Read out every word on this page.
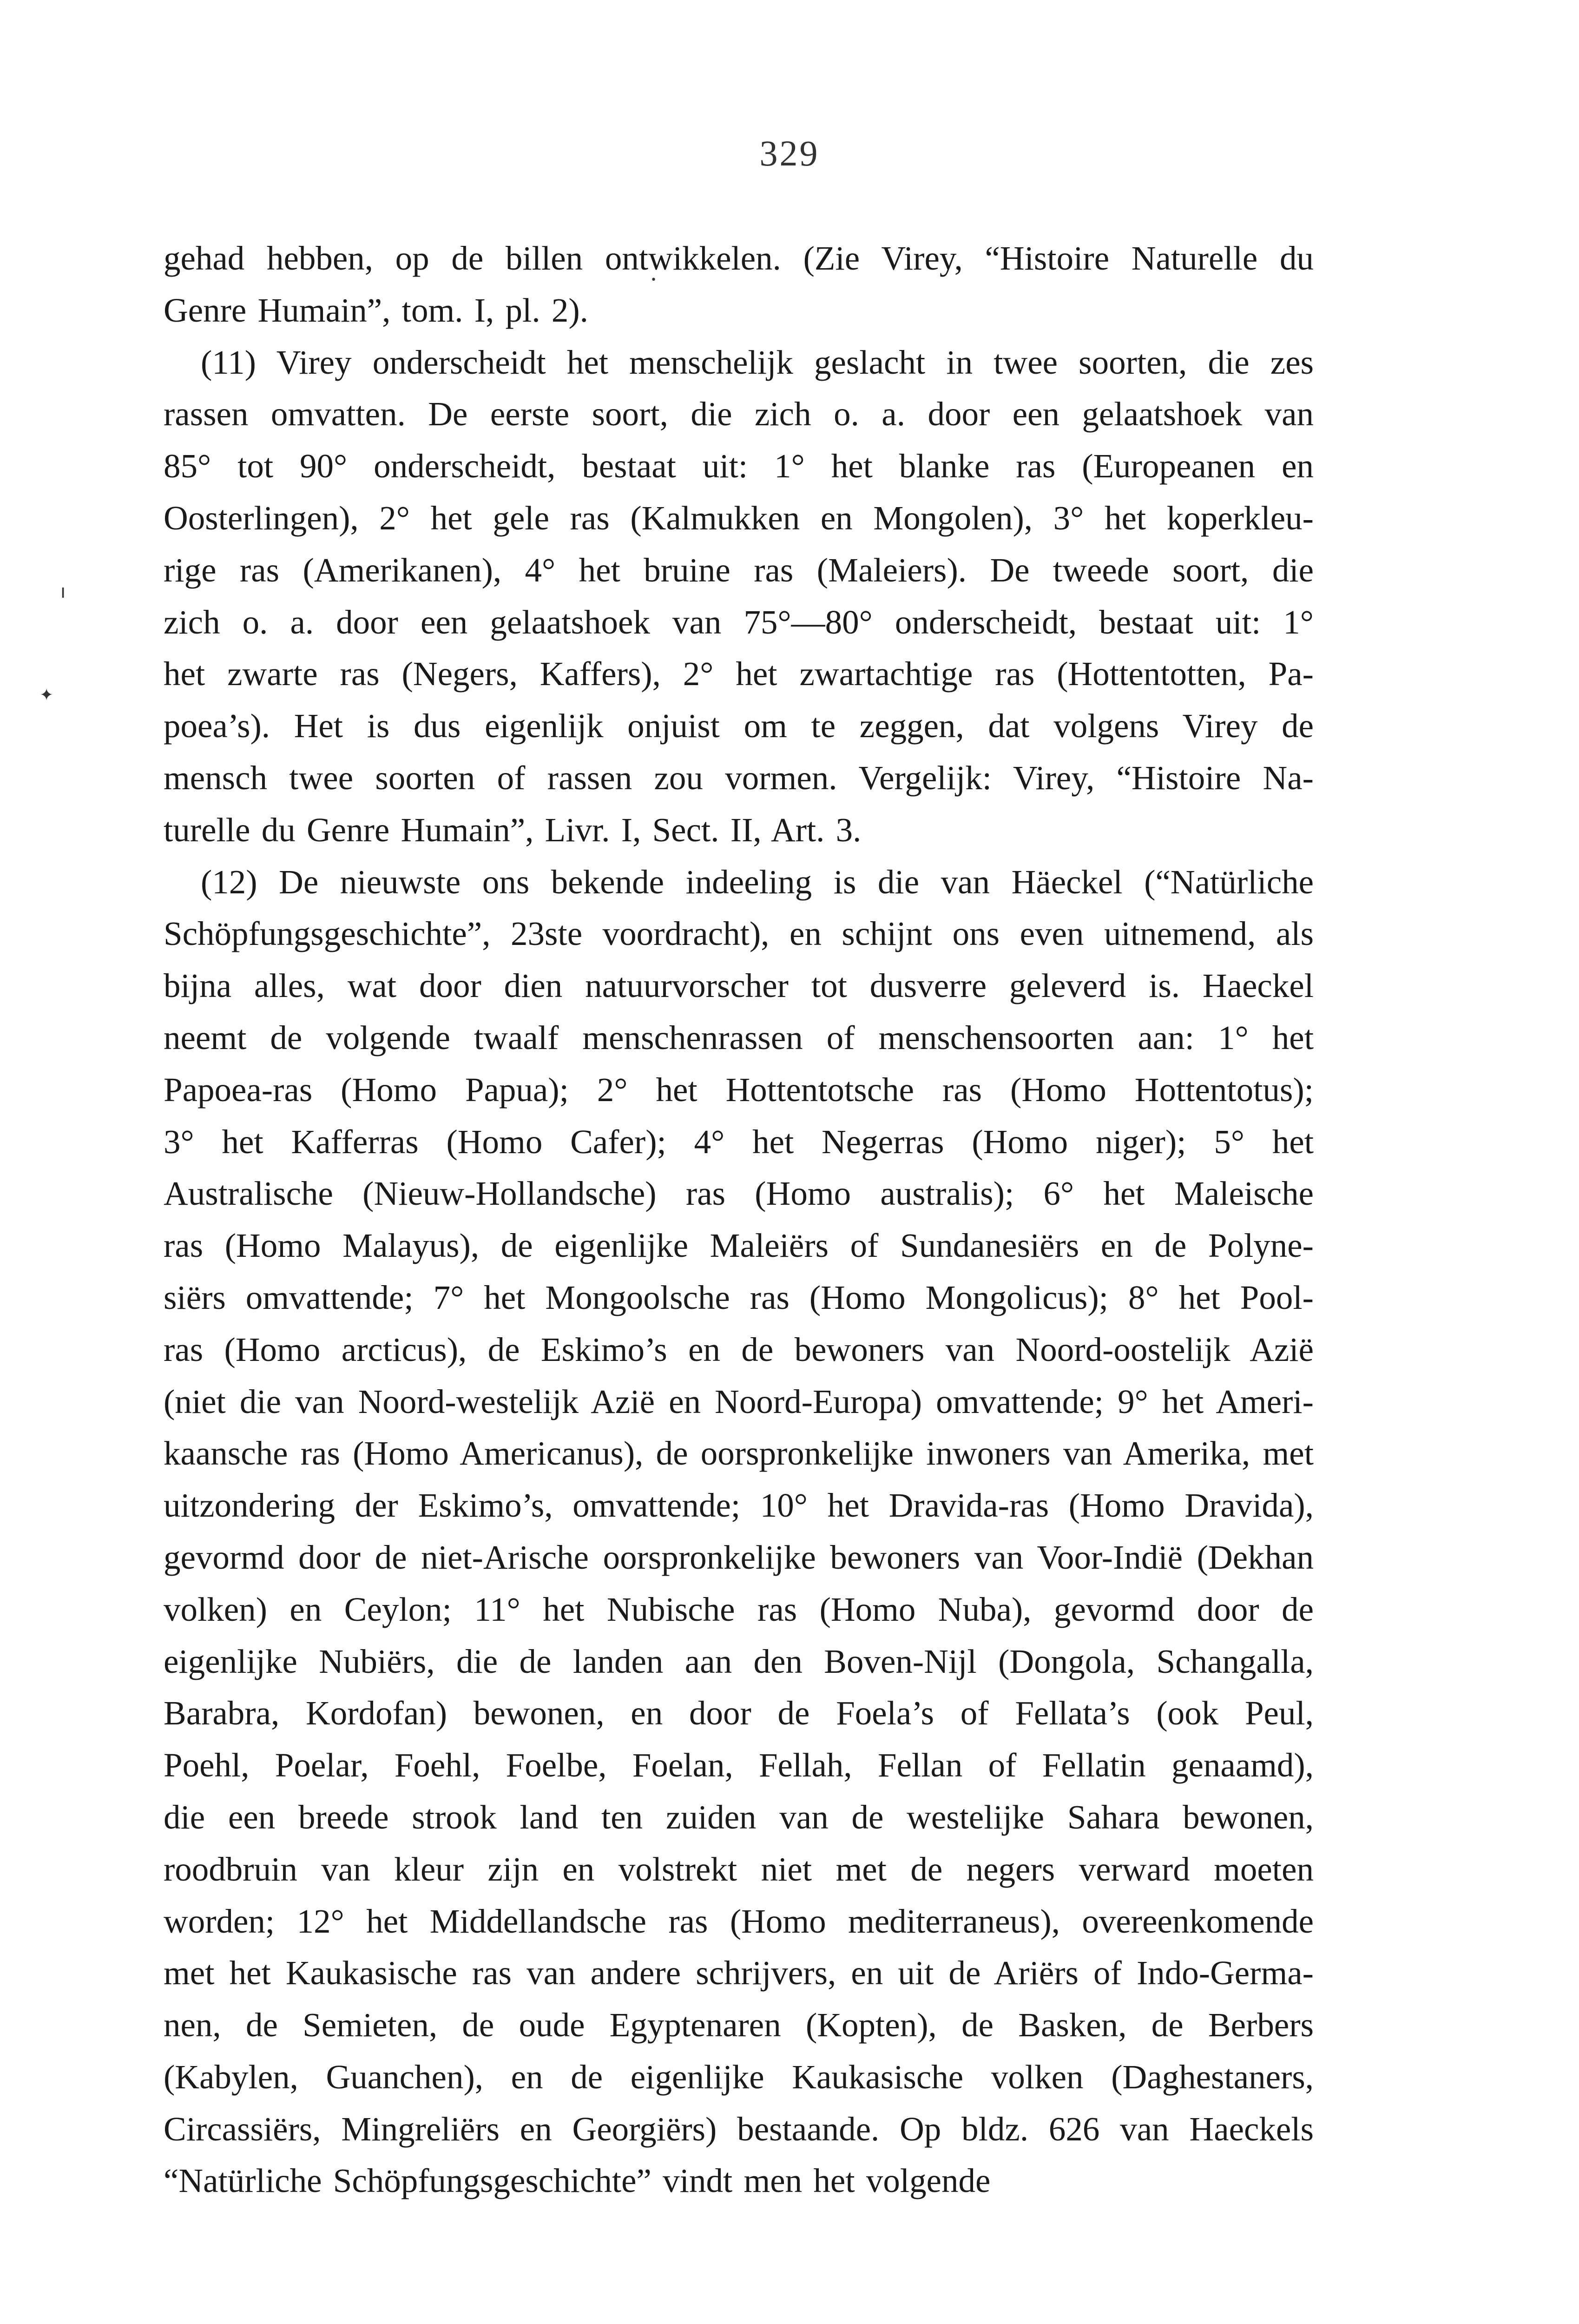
329
•
ı
✦
gehad hebben, op de billen ontwikkelen. (Zie Virey, “Histoire Naturelle du
Genre Humain”, tom. I, pl. 2).
(11) Virey onderscheidt het menschelijk geslacht in twee soorten, die zes
rassen omvatten. De eerste soort, die zich o. a. door een gelaatshoek van
85° tot 90° onderscheidt, bestaat uit: 1° het blanke ras (Europeanen en
Oosterlingen), 2° het gele ras (Kalmukken en Mongolen), 3° het koperkleu-
rige ras (Amerikanen), 4° het bruine ras (Maleiers). De tweede soort, die
zich o. a. door een gelaatshoek van 75°—80° onderscheidt, bestaat uit: 1°
het zwarte ras (Negers, Kaffers), 2° het zwartachtige ras (Hottentotten, Pa-
poea’s). Het is dus eigenlijk onjuist om te zeggen, dat volgens Virey de
mensch twee soorten of rassen zou vormen. Vergelijk: Virey, “Histoire Na-
turelle du Genre Humain”, Livr. I, Sect. II, Art. 3.
(12) De nieuwste ons bekende indeeling is die van Häeckel (“Natürliche
Schöpfungsgeschichte”, 23ste voordracht), en schijnt ons even uitnemend, als
bijna alles, wat door dien natuurvorscher tot dusverre geleverd is. Haeckel
neemt de volgende twaalf menschenrassen of menschensoorten aan: 1° het
Papoea-ras (Homo Papua); 2° het Hottentotsche ras (Homo Hottentotus);
3° het Kafferras (Homo Cafer); 4° het Negerras (Homo niger); 5° het
Australische (Nieuw-Hollandsche) ras (Homo australis); 6° het Maleische
ras (Homo Malayus), de eigenlijke Maleiërs of Sundanesiërs en de Polyne-
siërs omvattende; 7° het Mongoolsche ras (Homo Mongolicus); 8° het Pool-
ras (Homo arcticus), de Eskimo’s en de bewoners van Noord-oostelijk Azië
(niet die van Noord-westelijk Azië en Noord-Europa) omvattende; 9° het Ameri-
kaansche ras (Homo Americanus), de oorspronkelijke inwoners van Amerika, met
uitzondering der Eskimo’s, omvattende; 10° het Dravida-ras (Homo Dravida),
gevormd door de niet-Arische oorspronkelijke bewoners van Voor-Indië (Dekhan
volken) en Ceylon; 11° het Nubische ras (Homo Nuba), gevormd door de
eigenlijke Nubiërs, die de landen aan den Boven-Nijl (Dongola, Schangalla,
Barabra, Kordofan) bewonen, en door de Foela’s of Fellata’s (ook Peul,
Poehl, Poelar, Foehl, Foelbe, Foelan, Fellah, Fellan of Fellatin genaamd),
die een breede strook land ten zuiden van de westelijke Sahara bewonen,
roodbruin van kleur zijn en volstrekt niet met de negers verward moeten
worden; 12° het Middellandsche ras (Homo mediterraneus), overeenkomende
met het Kaukasische ras van andere schrijvers, en uit de Ariërs of Indo-Germa-
nen, de Semieten, de oude Egyptenaren (Kopten), de Basken, de Berbers
(Kabylen, Guanchen), en de eigenlijke Kaukasische volken (Daghestaners,
Circassiërs, Mingreliërs en Georgiërs) bestaande. Op bldz. 626 van Haeckels
“Natürliche Schöpfungsgeschichte” vindt men het volgende
